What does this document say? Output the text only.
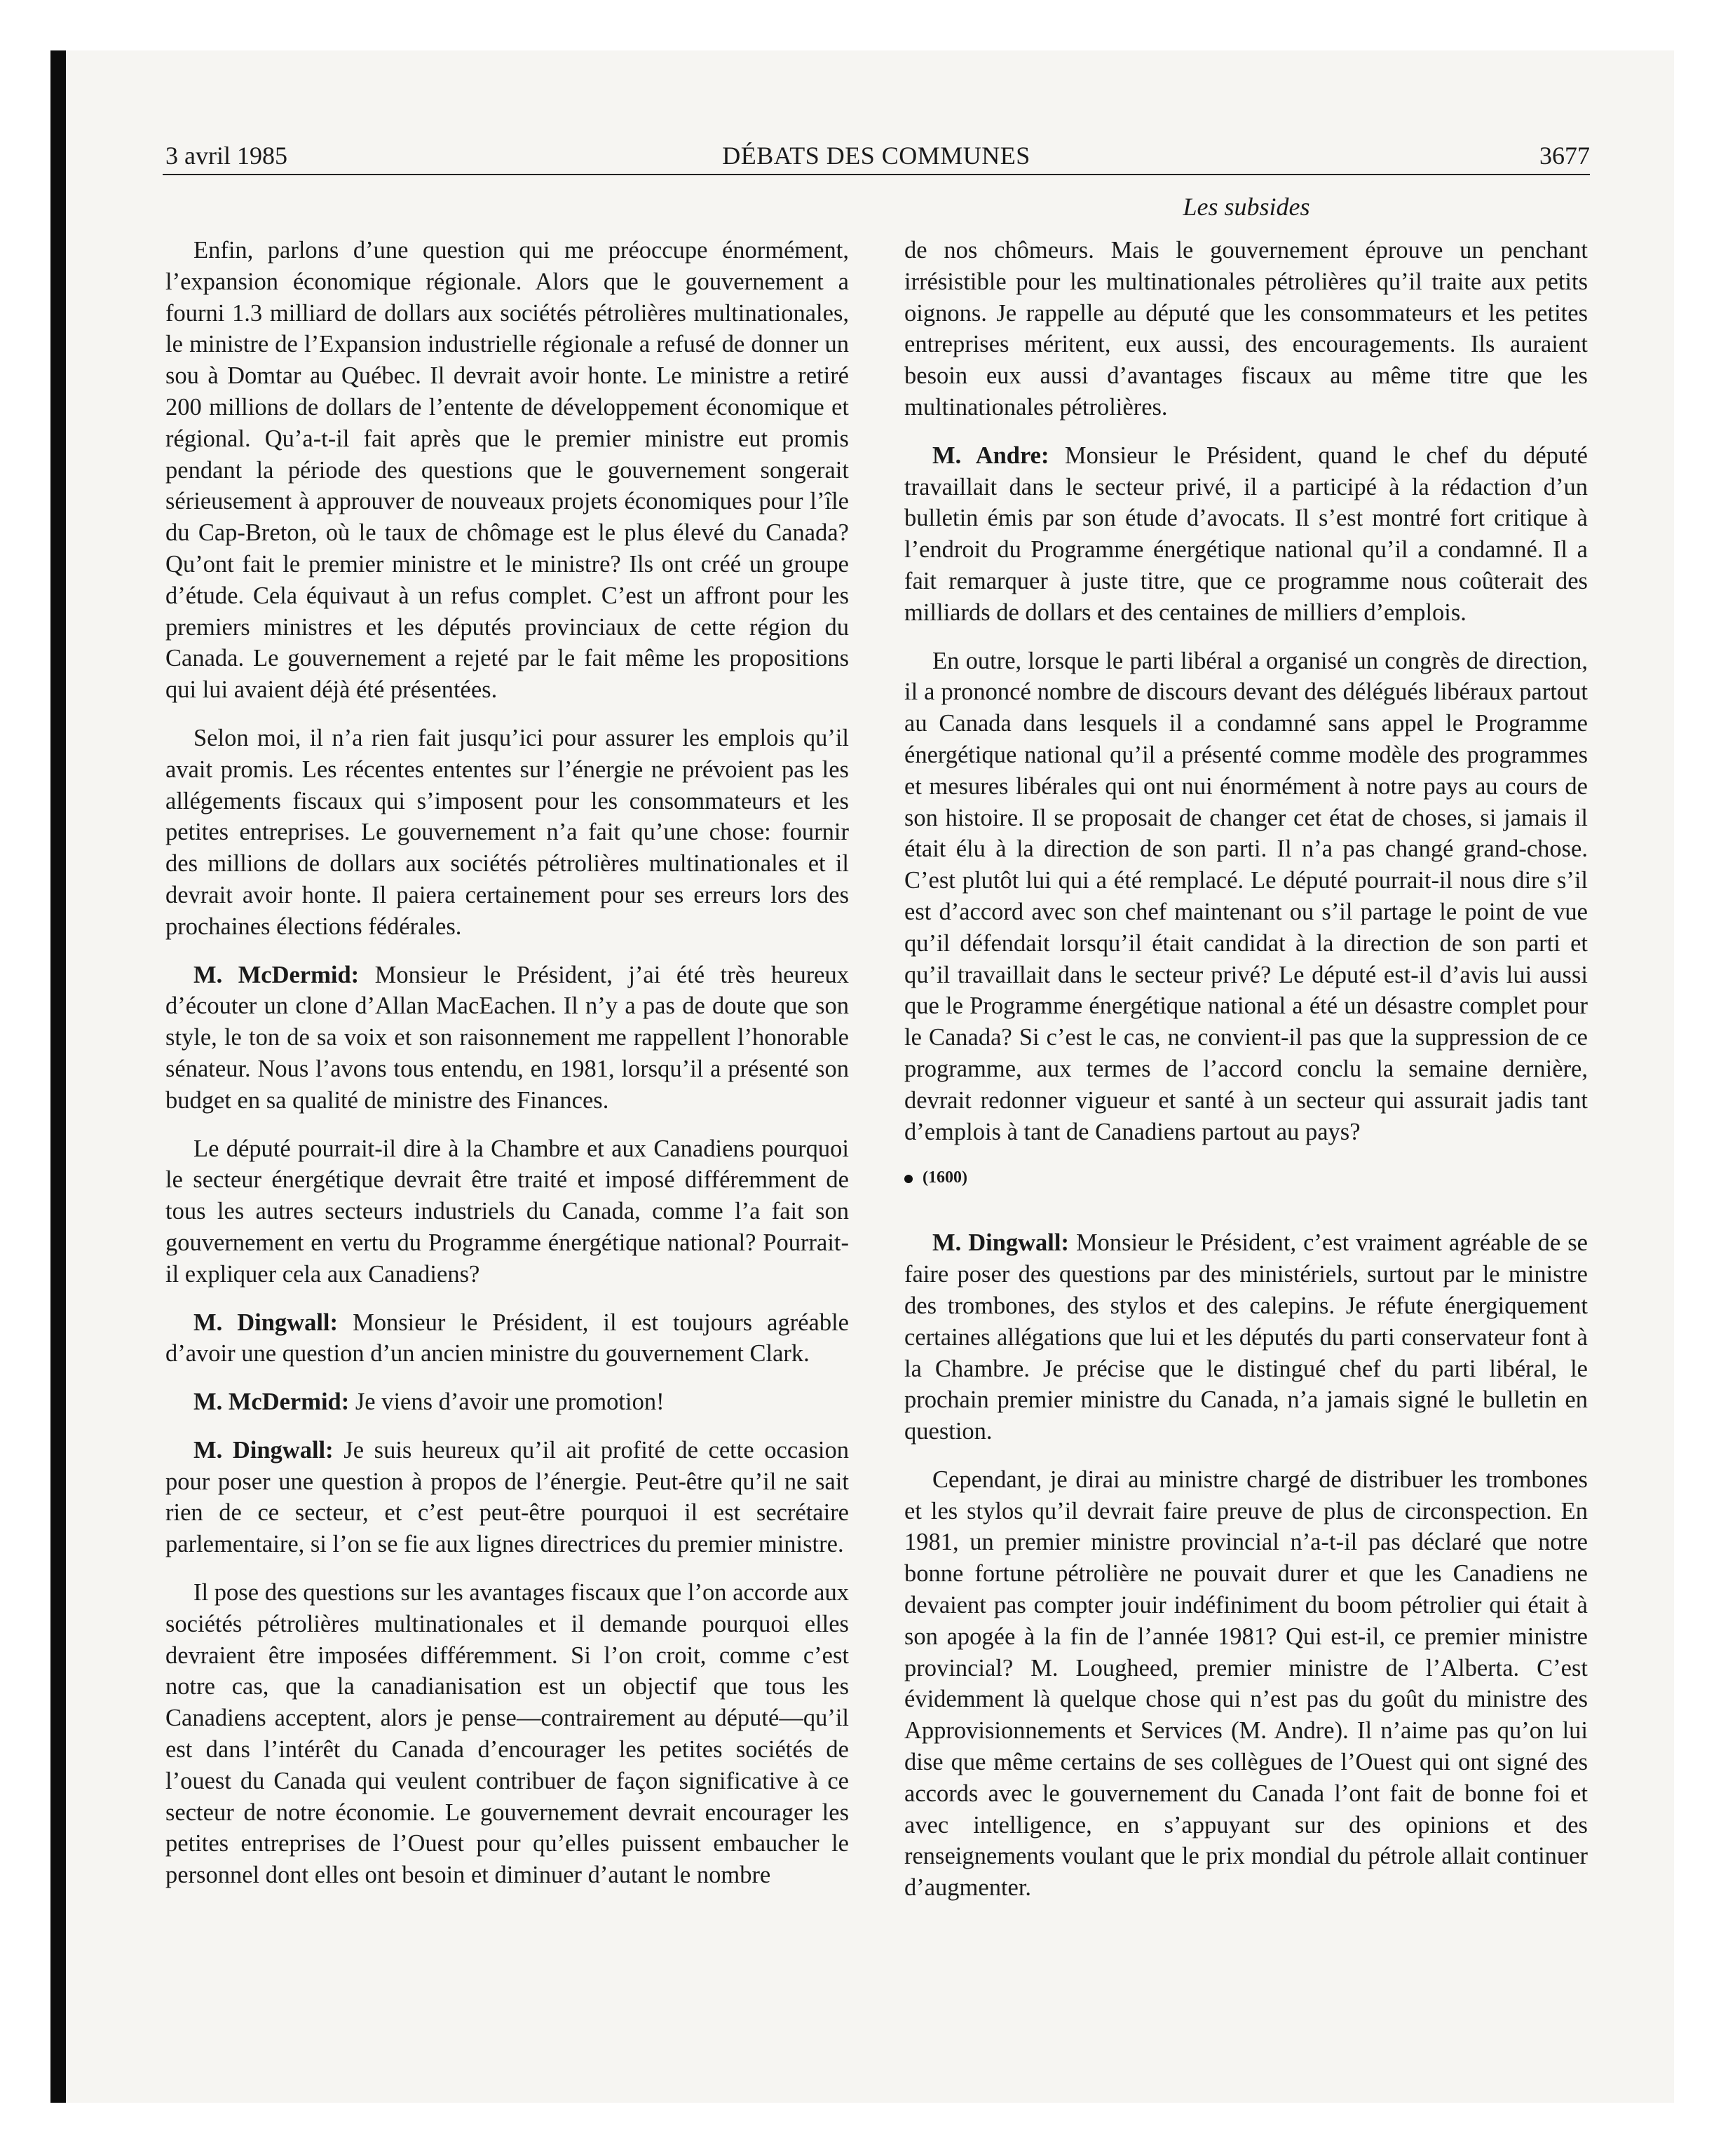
3 avril 1985	DÉBATS DES COMMUNES	3677
Les subsides

Enfin, parlons d’une question qui me préoccupe énormément, l’expansion économique régionale. Alors que le gouvernement a fourni 1.3 milliard de dollars aux sociétés pétrolières multinationales, le ministre de l’Expansion industrielle régionale a refusé de donner un sou à Domtar au Québec. Il devrait avoir honte. Le ministre a retiré 200 millions de dollars de l’entente de développement économique et régional. Qu’a-t-il fait après que le premier ministre eut promis pendant la période des questions que le gouvernement songerait sérieusement à approuver de nouveaux projets économiques pour l’île du Cap-Breton, où le taux de chômage est le plus élevé du Canada? Qu’ont fait le premier ministre et le ministre? Ils ont créé un groupe d’étude. Cela équivaut à un refus complet. C’est un affront pour les premiers ministres et les députés provinciaux de cette région du Canada. Le gouvernement a rejeté par le fait même les propositions qui lui avaient déjà été présentées.

Selon moi, il n’a rien fait jusqu’ici pour assurer les emplois qu’il avait promis. Les récentes ententes sur l’énergie ne prévoient pas les allégements fiscaux qui s’imposent pour les consommateurs et les petites entreprises. Le gouvernement n’a fait qu’une chose: fournir des millions de dollars aux sociétés pétrolières multinationales et il devrait avoir honte. Il paiera certainement pour ses erreurs lors des prochaines élections fédérales.

M. McDermid: Monsieur le Président, j’ai été très heureux d’écouter un clone d’Allan MacEachen. Il n’y a pas de doute que son style, le ton de sa voix et son raisonnement me rappellent l’honorable sénateur. Nous l’avons tous entendu, en 1981, lorsqu’il a présenté son budget en sa qualité de ministre des Finances.

Le député pourrait-il dire à la Chambre et aux Canadiens pourquoi le secteur énergétique devrait être traité et imposé différemment de tous les autres secteurs industriels du Canada, comme l’a fait son gouvernement en vertu du Programme énergétique national? Pourrait-il expliquer cela aux Canadiens?

M. Dingwall: Monsieur le Président, il est toujours agréable d’avoir une question d’un ancien ministre du gouvernement Clark.

M. McDermid: Je viens d’avoir une promotion!

M. Dingwall: Je suis heureux qu’il ait profité de cette occasion pour poser une question à propos de l’énergie. Peut-être qu’il ne sait rien de ce secteur, et c’est peut-être pourquoi il est secrétaire parlementaire, si l’on se fie aux lignes directrices du premier ministre.

Il pose des questions sur les avantages fiscaux que l’on accorde aux sociétés pétrolières multinationales et il demande pourquoi elles devraient être imposées différemment. Si l’on croit, comme c’est notre cas, que la canadianisation est un objectif que tous les Canadiens acceptent, alors je pense—contrairement au député—qu’il est dans l’intérêt du Canada d’encourager les petites sociétés de l’ouest du Canada qui veulent contribuer de façon significative à ce secteur de notre économie. Le gouvernement devrait encourager les petites entreprises de l’Ouest pour qu’elles puissent embaucher le personnel dont elles ont besoin et diminuer d’autant le nombre

de nos chômeurs. Mais le gouvernement éprouve un penchant irrésistible pour les multinationales pétrolières qu’il traite aux petits oignons. Je rappelle au député que les consommateurs et les petites entreprises méritent, eux aussi, des encouragements. Ils auraient besoin eux aussi d’avantages fiscaux au même titre que les multinationales pétrolières.

M. Andre: Monsieur le Président, quand le chef du député travaillait dans le secteur privé, il a participé à la rédaction d’un bulletin émis par son étude d’avocats. Il s’est montré fort critique à l’endroit du Programme énergétique national qu’il a condamné. Il a fait remarquer à juste titre, que ce programme nous coûterait des milliards de dollars et des centaines de milliers d’emplois.

En outre, lorsque le parti libéral a organisé un congrès de direction, il a prononcé nombre de discours devant des délégués libéraux partout au Canada dans lesquels il a condamné sans appel le Programme énergétique national qu’il a présenté comme modèle des programmes et mesures libérales qui ont nui énormément à notre pays au cours de son histoire. Il se proposait de changer cet état de choses, si jamais il était élu à la direction de son parti. Il n’a pas changé grand-chose. C’est plutôt lui qui a été remplacé. Le député pourrait-il nous dire s’il est d’accord avec son chef maintenant ou s’il partage le point de vue qu’il défendait lorsqu’il était candidat à la direction de son parti et qu’il travaillait dans le secteur privé? Le député est-il d’avis lui aussi que le Programme énergétique national a été un désastre complet pour le Canada? Si c’est le cas, ne convient-il pas que la suppression de ce programme, aux termes de l’accord conclu la semaine dernière, devrait redonner vigueur et santé à un secteur qui assurait jadis tant d’emplois à tant de Canadiens partout au pays?

(1600)

M. Dingwall: Monsieur le Président, c’est vraiment agréable de se faire poser des questions par des ministériels, surtout par le ministre des trombones, des stylos et des calepins. Je réfute énergiquement certaines allégations que lui et les députés du parti conservateur font à la Chambre. Je précise que le distingué chef du parti libéral, le prochain premier ministre du Canada, n’a jamais signé le bulletin en question.

Cependant, je dirai au ministre chargé de distribuer les trombones et les stylos qu’il devrait faire preuve de plus de circonspection. En 1981, un premier ministre provincial n’a-t-il pas déclaré que notre bonne fortune pétrolière ne pouvait durer et que les Canadiens ne devaient pas compter jouir indéfiniment du boom pétrolier qui était à son apogée à la fin de l’année 1981? Qui est-il, ce premier ministre provincial? M. Lougheed, premier ministre de l’Alberta. C’est évidemment là quelque chose qui n’est pas du goût du ministre des Approvisionnements et Services (M. Andre). Il n’aime pas qu’on lui dise que même certains de ses collègues de l’Ouest qui ont signé des accords avec le gouvernement du Canada l’ont fait de bonne foi et avec intelligence, en s’appuyant sur des opinions et des renseignements voulant que le prix mondial du pétrole allait continuer d’augmenter.
